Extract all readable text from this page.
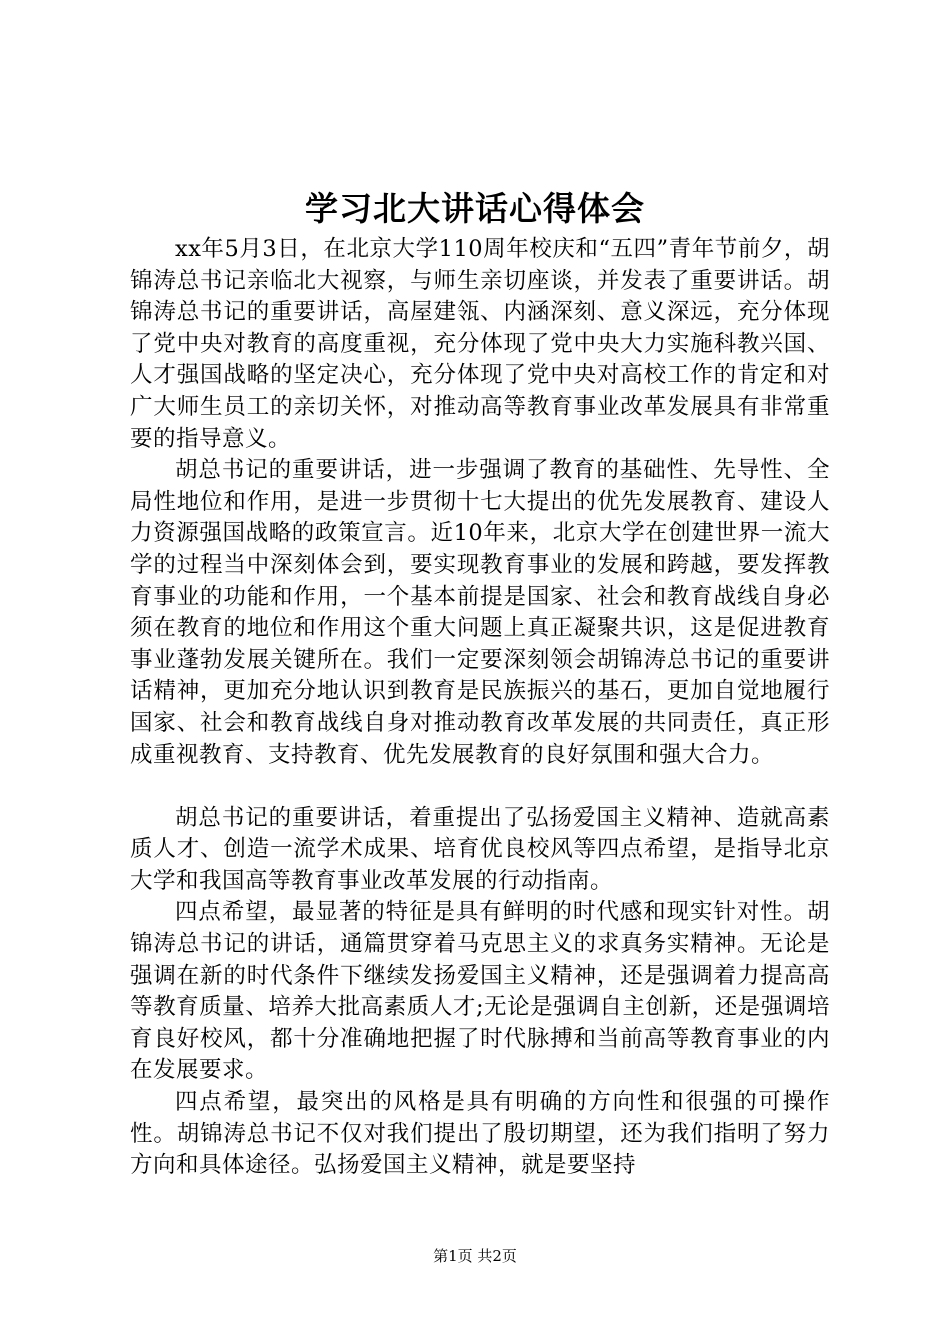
学习北大讲话心得体会

xx年5月3日，在北京大学110周年校庆和“五四”青年节前夕，胡锦涛总书记亲临北大视察，与师生亲切座谈，并发表了重要讲话。胡锦涛总书记的重要讲话，高屋建瓴、内涵深刻、意义深远，充分体现了党中央对教育的高度重视，充分体现了党中央大力实施科教兴国、人才强国战略的坚定决心，充分体现了党中央对高校工作的肯定和对广大师生员工的亲切关怀，对推动高等教育事业改革发展具有非常重要的指导意义。

胡总书记的重要讲话，进一步强调了教育的基础性、先导性、全局性地位和作用，是进一步贯彻十七大提出的优先发展教育、建设人力资源强国战略的政策宣言。近10年来，北京大学在创建世界一流大学的过程当中深刻体会到，要实现教育事业的发展和跨越，要发挥教育事业的功能和作用，一个基本前提是国家、社会和教育战线自身必须在教育的地位和作用这个重大问题上真正凝聚共识，这是促进教育事业蓬勃发展关键所在。我们一定要深刻领会胡锦涛总书记的重要讲话精神，更加充分地认识到教育是民族振兴的基石，更加自觉地履行国家、社会和教育战线自身对推动教育改革发展的共同责任，真正形成重视教育、支持教育、优先发展教育的良好氛围和强大合力。

胡总书记的重要讲话，着重提出了弘扬爱国主义精神、造就高素质人才、创造一流学术成果、培育优良校风等四点希望，是指导北京大学和我国高等教育事业改革发展的行动指南。

四点希望，最显著的特征是具有鲜明的时代感和现实针对性。胡锦涛总书记的讲话，通篇贯穿着马克思主义的求真务实精神。无论是强调在新的时代条件下继续发扬爱国主义精神，还是强调着力提高高等教育质量、培养大批高素质人才;无论是强调自主创新，还是强调培育良好校风，都十分准确地把握了时代脉搏和当前高等教育事业的内在发展要求。

四点希望，最突出的风格是具有明确的方向性和很强的可操作性。胡锦涛总书记不仅对我们提出了殷切期望，还为我们指明了努力方向和具体途径。弘扬爱国主义精神，就是要坚持

第1页 共2页
